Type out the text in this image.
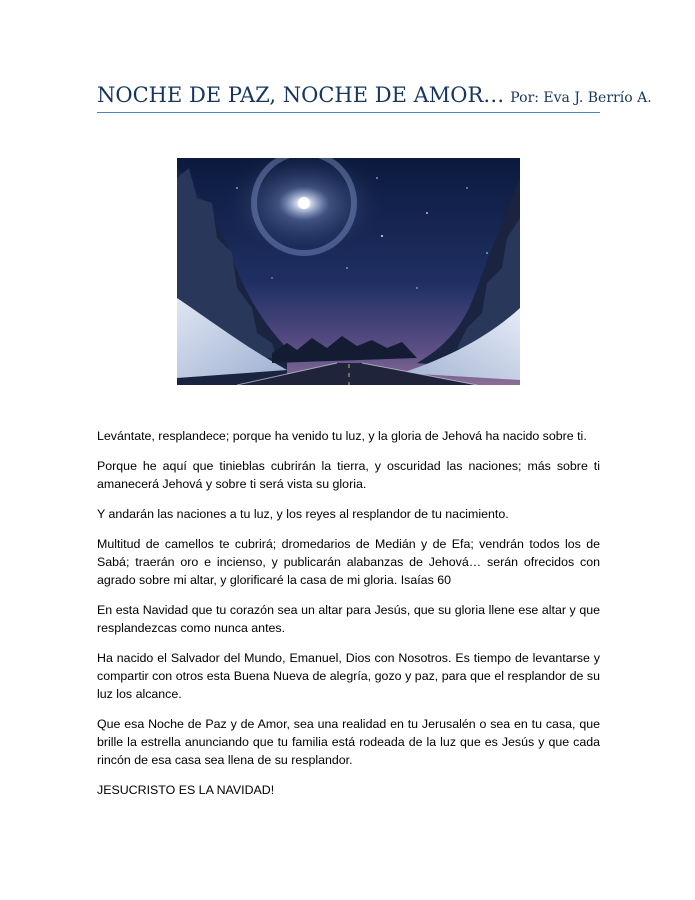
NOCHE DE PAZ, NOCHE DE AMOR… Por: Eva J. Berrío A.

Levántate, resplandece; porque ha venido tu luz, y la gloria de Jehová ha nacido sobre ti.

Porque he aquí que tinieblas cubrirán la tierra, y oscuridad las naciones; más sobre ti amanecerá Jehová y sobre ti será vista su gloria.

Y andarán las naciones a tu luz, y los reyes al resplandor de tu nacimiento.

Multitud de camellos te cubrirá; dromedarios de Medián y de Efa; vendrán todos los de Sabá; traerán oro e incienso, y publicarán alabanzas de Jehová… serán ofrecidos con agrado sobre mi altar, y glorificaré la casa de mi gloria. Isaías 60

En esta Navidad que tu corazón sea un altar para Jesús, que su gloria llene ese altar y que resplandezcas como nunca antes.

Ha nacido el Salvador del Mundo, Emanuel, Dios con Nosotros. Es tiempo de levantarse y compartir con otros esta Buena Nueva de alegría, gozo y paz, para que el resplandor de su luz los alcance.

Que esa Noche de Paz y de Amor, sea una realidad en tu Jerusalén o sea en tu casa, que brille la estrella anunciando que tu familia está rodeada de la luz que es Jesús y que cada rincón de esa casa sea llena de su resplandor.

JESUCRISTO ES LA NAVIDAD!
